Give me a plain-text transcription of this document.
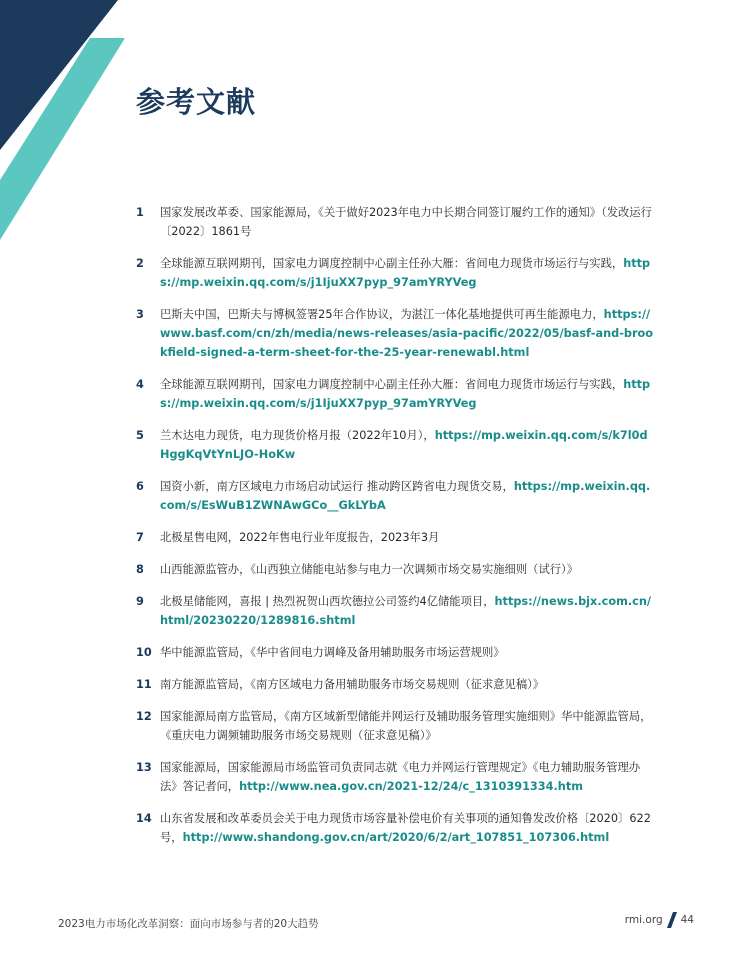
参考文献
1 国家发展改革委、国家能源局，《关于做好2023年电力中长期合同签订履约工作的通知》（发改运行〔2022〕1861号
2 全球能源互联网期刊，国家电力调度控制中心副主任孙大雁：省间电力现货市场运行与实践，https://mp.weixin.qq.com/s/j1IjuXX7pyp_97amYRYVeg
3 巴斯夫中国，巴斯夫与博枫签署25年合作协议，为湛江一体化基地提供可再生能源电力，https://www.basf.com/cn/zh/media/news-releases/asia-pacific/2022/05/basf-and-brookfield-signed-a-term-sheet-for-the-25-year-renewabl.html
4 全球能源互联网期刊，国家电力调度控制中心副主任孙大雁：省间电力现货市场运行与实践，https://mp.weixin.qq.com/s/j1IjuXX7pyp_97amYRYVeg
5 兰木达电力现货，电力现货价格月报（2022年10月），https://mp.weixin.qq.com/s/k7l0dHggKqVtYnLJO-HoKw
6 国资小新，南方区域电力市场启动试运行 推动跨区跨省电力现货交易，https://mp.weixin.qq.com/s/EsWuB1ZWNAwGCo__GkLYbA
7 北极星售电网，2022年售电行业年度报告，2023年3月
8 山西能源监管办，《山西独立储能电站参与电力一次调频市场交易实施细则（试行）》
9 北极星储能网，喜报 | 热烈祝贺山西坎德拉公司签约4亿储能项目，https://news.bjx.com.cn/html/20230220/1289816.shtml
10 华中能源监管局，《华中省间电力调峰及备用辅助服务市场运营规则》
11 南方能源监管局，《南方区域电力备用辅助服务市场交易规则（征求意见稿）》
12 国家能源局南方监管局，《南方区域新型储能并网运行及辅助服务管理实施细则》华中能源监管局，《重庆电力调频辅助服务市场交易规则（征求意见稿）》
13 国家能源局，国家能源局市场监管司负责同志就《电力并网运行管理规定》《电力辅助服务管理办法》答记者问，http://www.nea.gov.cn/2021-12/24/c_1310391334.htm
14 山东省发展和改革委员会关于电力现货市场容量补偿电价有关事项的通知鲁发改价格〔2020〕622号，http://www.shandong.gov.cn/art/2020/6/2/art_107851_107306.html
2023电力市场化改革洞察：面向市场参与者的20大趋势	rmi.org 44
